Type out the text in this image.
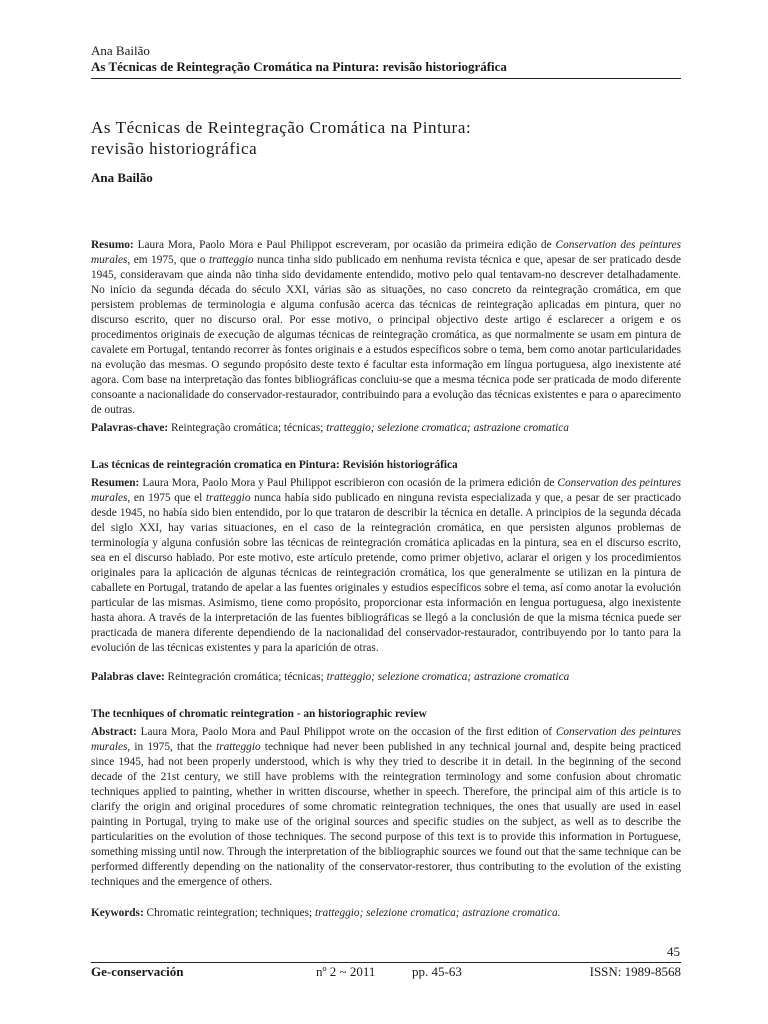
Ana Bailão
As Técnicas de Reintegração Cromática na Pintura: revisão historiográfica
As Técnicas de Reintegração Cromática na Pintura:
revisão historiográfica
Ana Bailão

Resumo: Laura Mora, Paolo Mora e Paul Philippot escreveram, por ocasião da primeira edição de Conservation des peintures murales, em 1975, que o tratteggio nunca tinha sido publicado em nenhuma revista técnica e que, apesar de ser praticado desde 1945, consideravam que ainda não tinha sido devidamente entendido, motivo pelo qual tentavam-no descrever detalhadamente. No início da segunda década do século XXI, várias são as situações, no caso concreto da reintegração cromática, em que persistem problemas de terminologia e alguma confusão acerca das técnicas de reintegração aplicadas em pintura, quer no discurso escrito, quer no discurso oral. Por esse motivo, o principal objectivo deste artigo é esclarecer a origem e os procedimentos originais de execução de algumas técnicas de reintegração cromática, as que normalmente se usam em pintura de cavalete em Portugal, tentando recorrer às fontes originais e a estudos específicos sobre o tema, bem como anotar particularidades na evolução das mesmas. O segundo propósito deste texto é facultar esta informação em língua portuguesa, algo inexistente até agora. Com base na interpretação das fontes bibliográficas concluiu-se que a mesma técnica pode ser praticada de modo diferente consoante a nacionalidade do conservador-restaurador, contribuindo para a evolução das técnicas existentes e para o aparecimento de outras.

Palavras-chave: Reintegração cromática; técnicas; tratteggio; selezione cromatica; astrazione cromatica

Las técnicas de reintegración cromatica en Pintura: Revisión historiográfica

Resumen: Laura Mora, Paolo Mora y Paul Philippot escribieron con ocasión de la primera edición de Conservation des peintures murales, en 1975 que el tratteggio nunca había sido publicado en ninguna revista especializada y que, a pesar de ser practicado desde 1945, no había sido bien entendido, por lo que trataron de describir la técnica en detalle. A principios de la segunda década del siglo XXI, hay varias situaciones, en el caso de la reintegración cromática, en que persisten algunos problemas de terminología y alguna confusión sobre las técnicas de reintegración cromática aplicadas en la pintura, sea en el discurso escrito, sea en el discurso hablado. Por este motivo, este artículo pretende, como primer objetivo, aclarar el origen y los procedimientos originales para la aplicación de algunas técnicas de reintegración cromática, los que generalmente se utilizan en la pintura de caballete en Portugal, tratando de apelar a las fuentes originales y estudios específicos sobre el tema, así como anotar la evolución particular de las mismas. Asimismo, tiene como propósito, proporcionar esta información en lengua portuguesa, algo inexistente hasta ahora. A través de la interpretación de las fuentes bibliográficas se llegó a la conclusión de que la misma técnica puede ser practicada de manera diferente dependiendo de la nacionalidad del conservador-restaurador, contribuyendo por lo tanto para la evolución de las técnicas existentes y para la aparición de otras.

Palabras clave: Reintegración cromática; técnicas; tratteggio; selezione cromatica; astrazione cromatica

The tecnhiques of chromatic reintegration - an historiographic review

Abstract: Laura Mora, Paolo Mora and Paul Philippot wrote on the occasion of the first edition of Conservation des peintures murales, in 1975, that the tratteggio technique had never been published in any technical journal and, despite being practiced since 1945, had not been properly understood, which is why they tried to describe it in detail. In the beginning of the second decade of the 21st century, we still have problems with the reintegration terminology and some confusion about chromatic techniques applied to painting, whether in written discourse, whether in speech. Therefore, the principal aim of this article is to clarify the origin and original procedures of some chromatic reintegration techniques, the ones that usually are used in easel painting in Portugal, trying to make use of the original sources and specific studies on the subject, as well as to describe the particularities on the evolution of those techniques. The second purpose of this text is to provide this information in Portuguese, something missing until now. Through the interpretation of the bibliographic sources we found out that the same technique can be performed differently depending on the nationality of the conservator-restorer, thus contributing to the evolution of the existing techniques and the emergence of others.

Keywords: Chromatic reintegration; techniques; tratteggio; selezione cromatica; astrazione cromatica.

45
Ge-conservación	nº 2 ~ 2011	pp. 45-63	ISSN: 1989-8568
